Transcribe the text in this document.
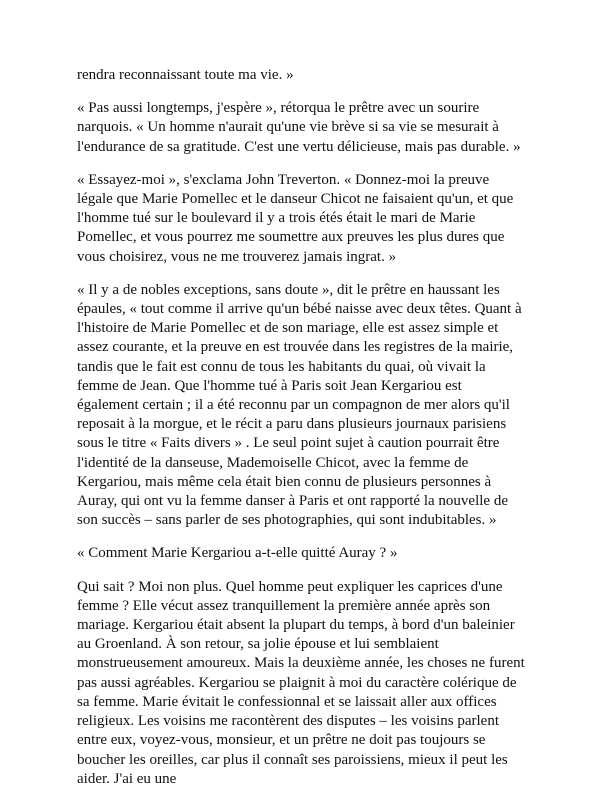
rendra reconnaissant toute ma vie. »

« Pas aussi longtemps, j'espère », rétorqua le prêtre avec un sourire narquois. « Un homme n'aurait qu'une vie brève si sa vie se mesurait à l'endurance de sa gratitude. C'est une vertu délicieuse, mais pas durable. »

« Essayez-moi », s'exclama John Treverton. « Donnez-moi la preuve légale que Marie Pomellec et le danseur Chicot ne faisaient qu'un, et que l'homme tué sur le boulevard il y a trois étés était le mari de Marie Pomellec, et vous pourrez me soumettre aux preuves les plus dures que vous choisirez, vous ne me trouverez jamais ingrat. »

« Il y a de nobles exceptions, sans doute », dit le prêtre en haussant les épaules, « tout comme il arrive qu'un bébé naisse avec deux têtes. Quant à l'histoire de Marie Pomellec et de son mariage, elle est assez simple et assez courante, et la preuve en est trouvée dans les registres de la mairie, tandis que le fait est connu de tous les habitants du quai, où vivait la femme de Jean. Que l'homme tué à Paris soit Jean Kergariou est également certain ; il a été reconnu par un compagnon de mer alors qu'il reposait à la morgue, et le récit a paru dans plusieurs journaux parisiens sous le titre « Faits divers » . Le seul point sujet à caution pourrait être l'identité de la danseuse, Mademoiselle Chicot, avec la femme de Kergariou, mais même cela était bien connu de plusieurs personnes à Auray, qui ont vu la femme danser à Paris et ont rapporté la nouvelle de son succès – sans parler de ses photographies, qui sont indubitables. »

« Comment Marie Kergariou a-t-elle quitté Auray ? »

Qui sait ? Moi non plus. Quel homme peut expliquer les caprices d'une femme ? Elle vécut assez tranquillement la première année après son mariage. Kergariou était absent la plupart du temps, à bord d'un baleinier au Groenland. À son retour, sa jolie épouse et lui semblaient monstrueusement amoureux. Mais la deuxième année, les choses ne furent pas aussi agréables. Kergariou se plaignit à moi du caractère colérique de sa femme. Marie évitait le confessionnal et se laissait aller aux offices religieux. Les voisins me racontèrent des disputes – les voisins parlent entre eux, voyez-vous, monsieur, et un prêtre ne doit pas toujours se boucher les oreilles, car plus il connaît ses paroissiens, mieux il peut les aider. J'ai eu une
